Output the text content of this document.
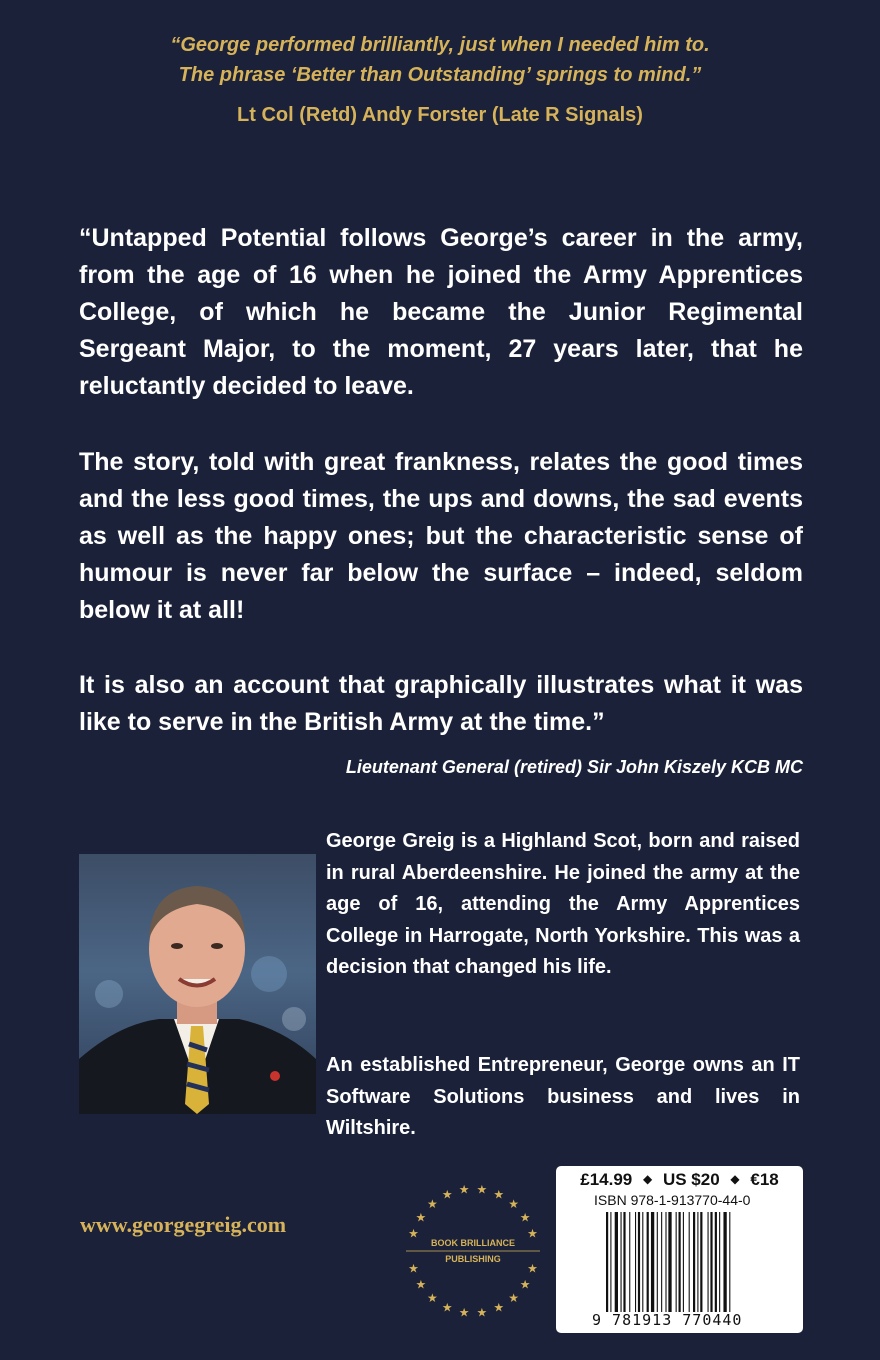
“George performed brilliantly, just when I needed him to.
The phrase ‘Better than Outstanding’ springs to mind.”
Lt Col (Retd) Andy Forster (Late R Signals)

“Untapped Potential follows George’s career in the army, from the age of 16 when he joined the Army Apprentices College, of which he became the Junior Regimental Sergeant Major, to the moment, 27 years later, that he reluctantly decided to leave.

The story, told with great frankness, relates the good times and the less good times, the ups and downs, the sad events as well as the happy ones; but the characteristic sense of humour is never far below the surface – indeed, seldom below it at all!

It is also an account that graphically illustrates what it was like to serve in the British Army at the time.”

Lieutenant General (retired) Sir John Kiszely KCB MC

George Greig is a Highland Scot, born and raised in rural Aberdeenshire. He joined the army at the age of 16, attending the Army Apprentices College in Harrogate, North Yorkshire. This was a decision that changed his life.

An established Entrepreneur, George owns an IT Software Solutions business and lives in Wiltshire.

www.georgegreig.com
★
★
★
★
★
★
★
★
★
★
★
★
★
★ ★ ★ ★
★
★
★
BOOK BRILLIANCE
PUBLISHING
£14.99 ◆ US $20 ◆ €18
ISBN 978-1-913770-44-0
9 781913 770440
